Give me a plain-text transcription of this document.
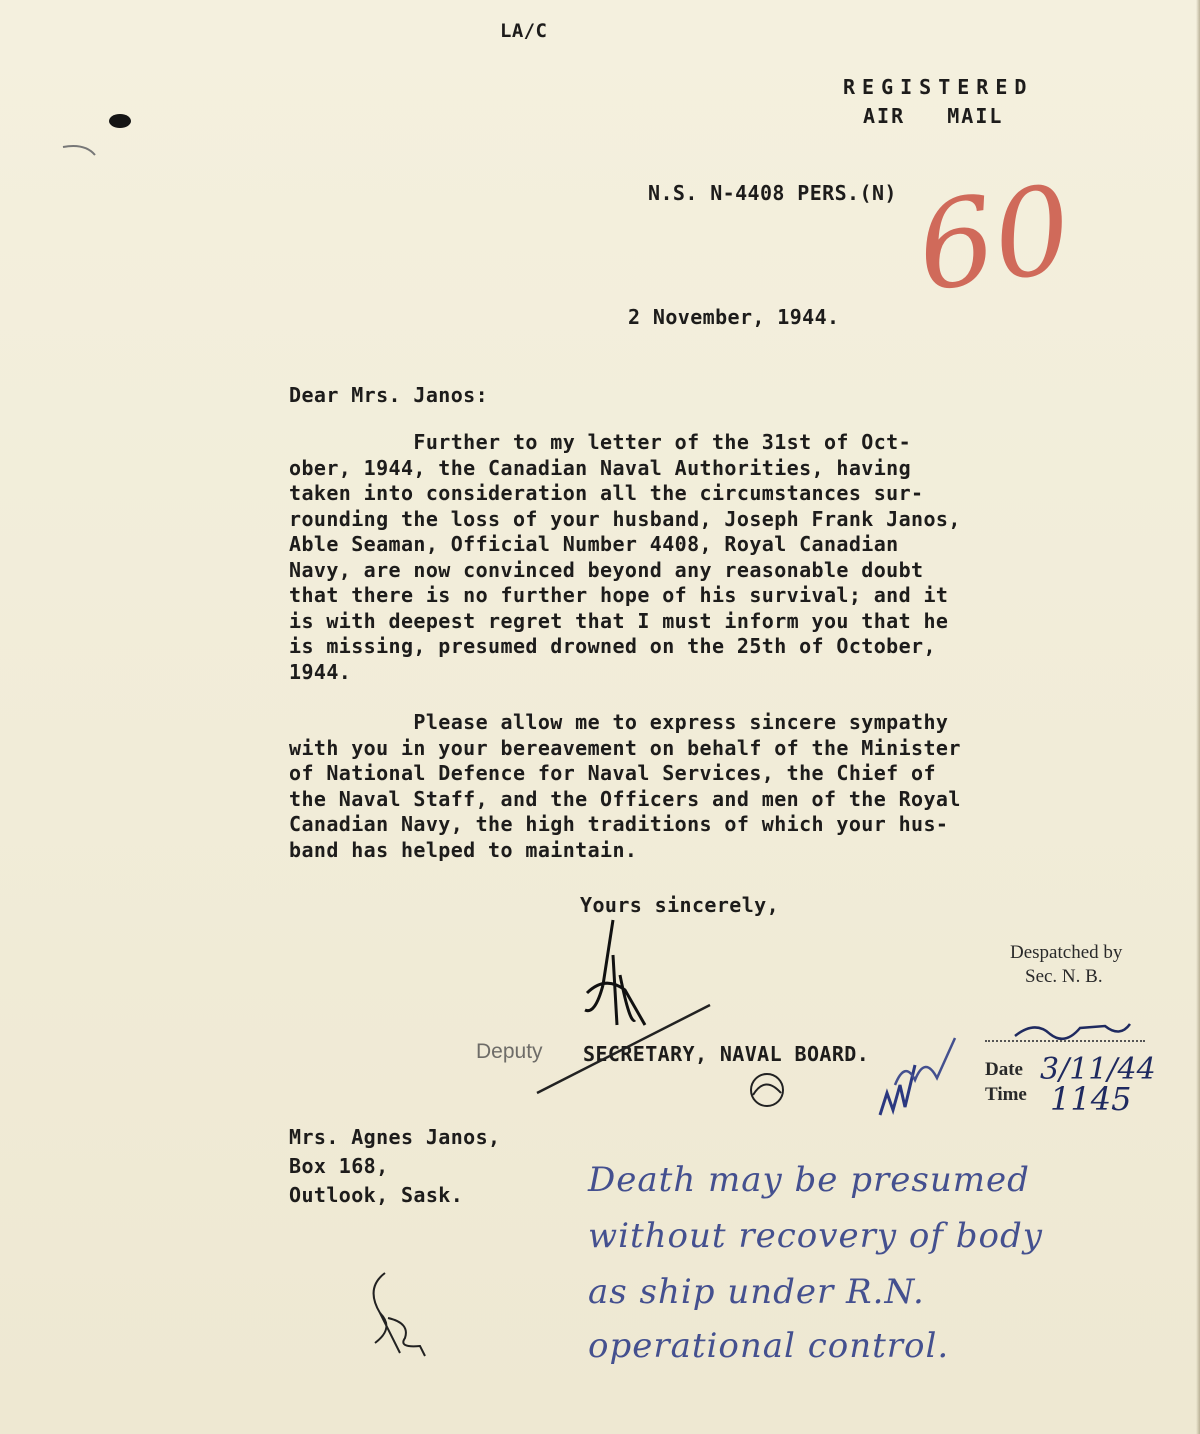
LA/C
REGISTERED
AIR   MAIL
N.S. N-4408 PERS.(N) 60
2 November, 1944.
Dear Mrs. Janos:
Further to my letter of the 31st of Oct-
ober, 1944, the Canadian Naval Authorities, having
taken into consideration all the circumstances sur-
rounding the loss of your husband, Joseph Frank Janos,
Able Seaman, Official Number 4408, Royal Canadian
Navy, are now convinced beyond any reasonable doubt
that there is no further hope of his survival; and it
is with deepest regret that I must inform you that he
is missing, presumed drowned on the 25th of October,
1944.
Please allow me to express sincere sympathy
with you in your bereavement on behalf of the Minister
of National Defence for Naval Services, the Chief of
the Naval Staff, and the Officers and men of the Royal
Canadian Navy, the high traditions of which your hus-
band has helped to maintain.
Yours sincerely,
Deputy SECRETARY, NAVAL BOARD.
Mrs. Agnes Janos,
Box 168,
Outlook, Sask.
Despatched by
Sec. N. B.
Date 3/11/44
Time 1145
Death may be presumed
without recovery of body
as ship under R.N.
operational control.
